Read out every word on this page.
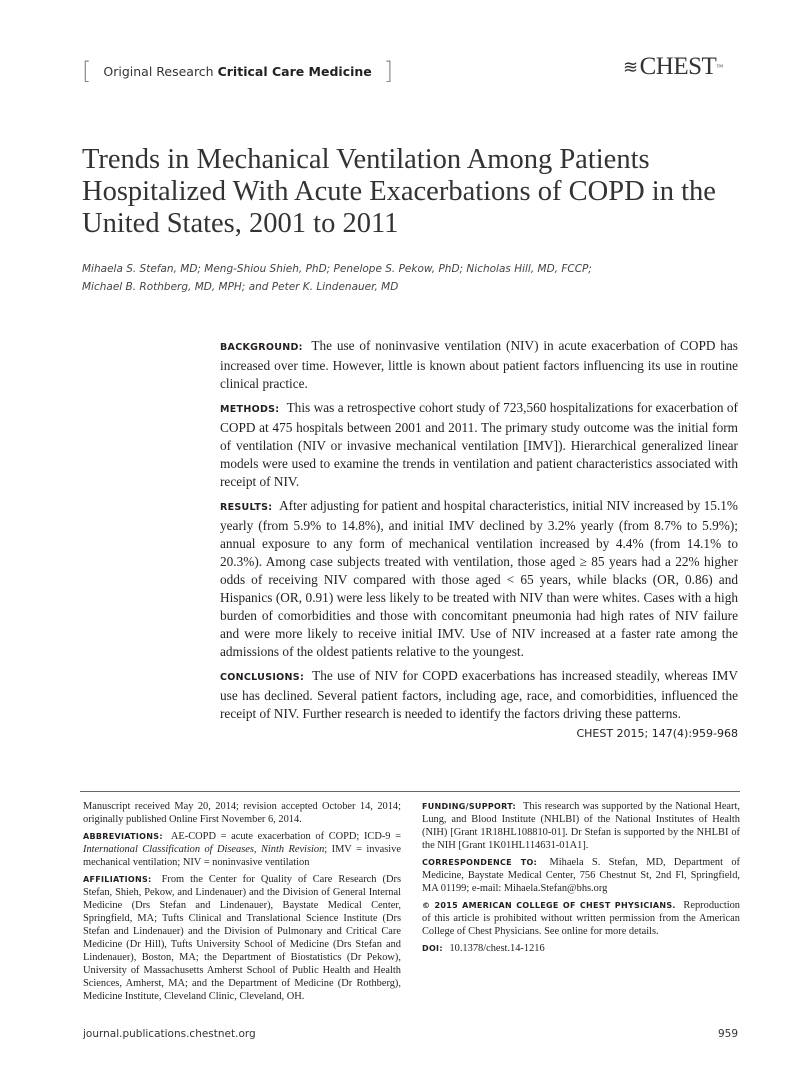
[ Original Research Critical Care Medicine ]	≋ CHEST ™
Trends in Mechanical Ventilation Among Patients Hospitalized With Acute Exacerbations of COPD in the United States, 2001 to 2011
Mihaela S. Stefan, MD; Meng-Shiou Shieh, PhD; Penelope S. Pekow, PhD; Nicholas Hill, MD, FCCP;
Michael B. Rothberg, MD, MPH; and Peter K. Lindenauer, MD

BACKGROUND: The use of noninvasive ventilation (NIV) in acute exacerbation of COPD has increased over time. However, little is known about patient factors influencing its use in routine clinical practice.

METHODS: This was a retrospective cohort study of 723,560 hospitalizations for exacerbation of COPD at 475 hospitals between 2001 and 2011. The primary study outcome was the initial form of ventilation (NIV or invasive mechanical ventilation [IMV]). Hierarchical generalized linear models were used to examine the trends in ventilation and patient characteristics associated with receipt of NIV.

RESULTS: After adjusting for patient and hospital characteristics, initial NIV increased by 15.1% yearly (from 5.9% to 14.8%), and initial IMV declined by 3.2% yearly (from 8.7% to 5.9%); annual exposure to any form of mechanical ventilation increased by 4.4% (from 14.1% to 20.3%). Among case subjects treated with ventilation, those aged ≥ 85 years had a 22% higher odds of receiving NIV compared with those aged < 65 years, while blacks (OR, 0.86) and Hispanics (OR, 0.91) were less likely to be treated with NIV than were whites. Cases with a high burden of comorbidities and those with concomitant pneumonia had high rates of NIV failure and were more likely to receive initial IMV. Use of NIV increased at a faster rate among the admissions of the oldest patients relative to the youngest.

CONCLUSIONS: The use of NIV for COPD exacerbations has increased steadily, whereas IMV use has declined. Several patient factors, including age, race, and comorbidities, influenced the receipt of NIV. Further research is needed to identify the factors driving these patterns.

CHEST 2015; 147(4):959-968

Manuscript received May 20, 2014; revision accepted October 14, 2014; originally published Online First November 6, 2014.

ABBREVIATIONS: AE-COPD = acute exacerbation of COPD; ICD-9 = International Classification of Diseases, Ninth Revision; IMV = invasive mechanical ventilation; NIV = noninvasive ventilation

AFFILIATIONS: From the Center for Quality of Care Research (Drs Stefan, Shieh, Pekow, and Lindenauer) and the Division of General Internal Medicine (Drs Stefan and Lindenauer), Baystate Medical Center, Springfield, MA; Tufts Clinical and Translational Science Institute (Drs Stefan and Lindenauer) and the Division of Pulmonary and Critical Care Medicine (Dr Hill), Tufts University School of Medicine (Drs Stefan and Lindenauer), Boston, MA; the Department of Biostatistics (Dr Pekow), University of Massachusetts Amherst School of Public Health and Health Sciences, Amherst, MA; and the Department of Medicine (Dr Rothberg), Medicine Institute, Cleveland Clinic, Cleveland, OH.

FUNDING/SUPPORT: This research was supported by the National Heart, Lung, and Blood Institute (NHLBI) of the National Institutes of Health (NIH) [Grant 1R18HL108810-01]. Dr Stefan is supported by the NHLBI of the NIH [Grant 1K01HL114631-01A1].

CORRESPONDENCE TO: Mihaela S. Stefan, MD, Department of Medicine, Baystate Medical Center, 756 Chestnut St, 2nd Fl, Springfield, MA 01199; e-mail: Mihaela.Stefan@bhs.org

© 2015 AMERICAN COLLEGE OF CHEST PHYSICIANS. Reproduction of this article is prohibited without written permission from the American College of Chest Physicians. See online for more details.

DOI: 10.1378/chest.14-1216

journal.publications.chestnet.org	959
